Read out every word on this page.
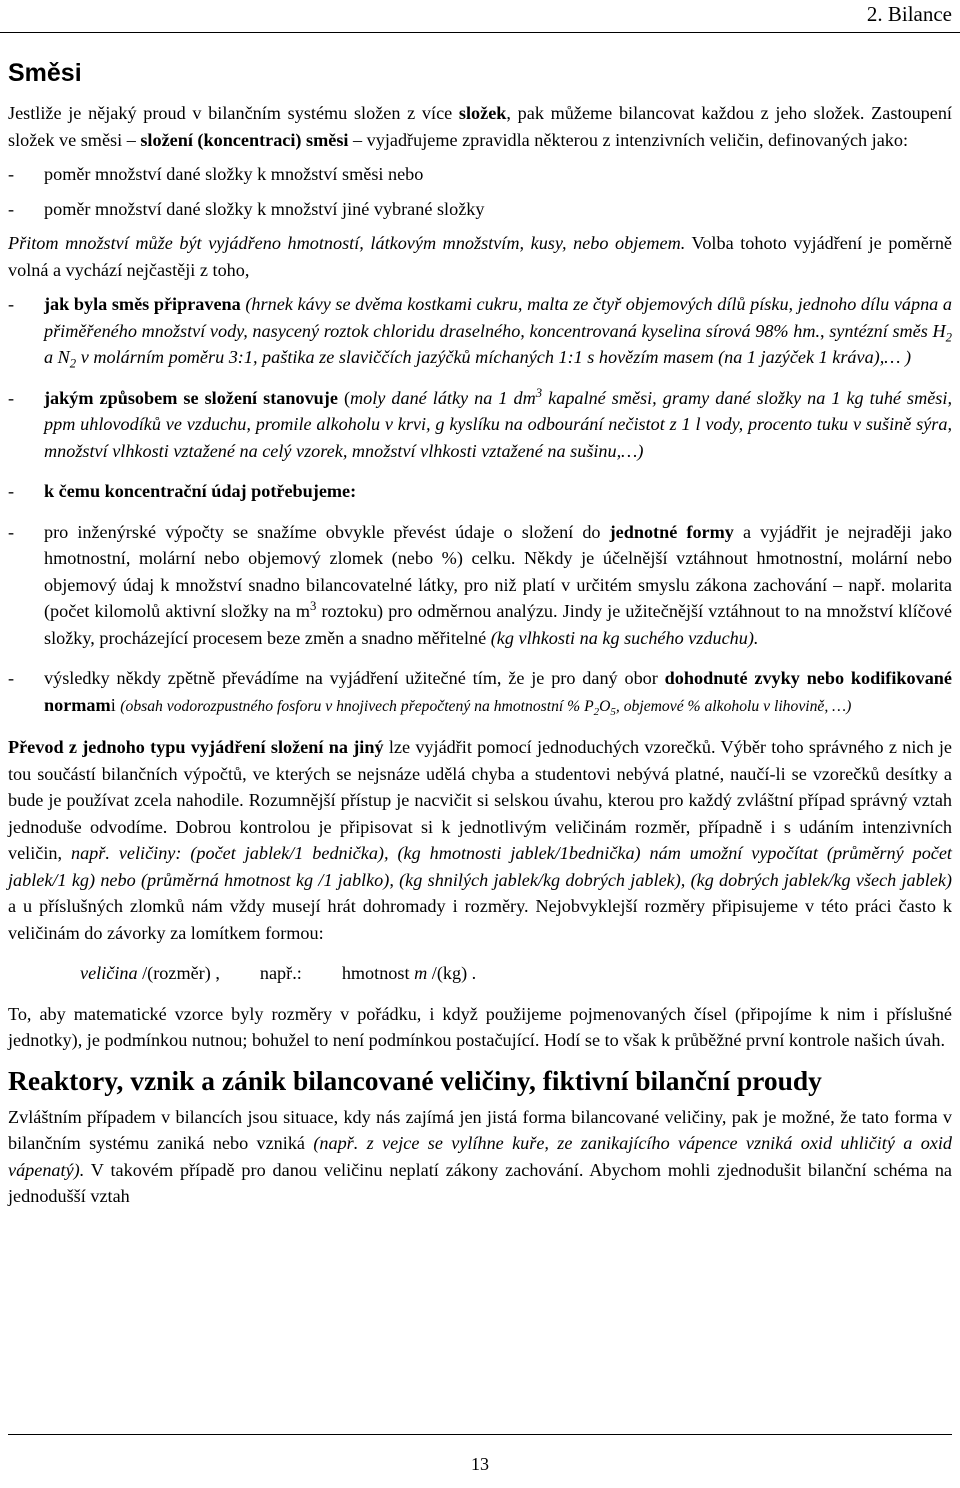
2. Bilance
Směsi

Jestliže je nějaký proud v bilančním systému složen z více složek, pak můžeme bilancovat každou z jeho složek. Zastoupení složek ve směsi – složení (koncentraci) směsi – vyjadřujeme zpravidla některou z intenzivních veličin, definovaných jako:

-	poměr množství dané složky k množství směsi nebo
-	poměr množství dané složky k množství jiné vybrané složky

Přitom množství může být vyjádřeno hmotností, látkovým množstvím, kusy, nebo objemem. Volba tohoto vyjádření je poměrně volná a vychází nejčastěji z toho,

-	jak byla směs připravena (hrnek kávy se dvěma kostkami cukru, malta ze čtyř objemových dílů písku, jednoho dílu vápna a přiměřeného množství vody, nasycený roztok chloridu draselného, koncentrovaná kyselina sírová 98% hm., syntézní směs $H_2$ a $N_2$ v molárním poměru 3:1, paštika ze slaviččích jazýčků míchaných 1:1 s hovězím masem (na 1 jazýček 1 kráva),… )
-	jakým způsobem se složení stanovuje (moly dané látky na 1 $dm^3$ kapalné směsi, gramy dané složky na 1 kg tuhé směsi, ppm uhlovodíků ve vzduchu, promile alkoholu v krvi, g kyslíku na odbourání nečistot z 1 l vody, procento tuku v sušině sýra, množství vlhkosti vztažené na celý vzorek, množství vlhkosti vztažené na sušinu,…)
-	k čemu koncentrační údaj potřebujeme:
-	pro inženýrské výpočty se snažíme obvykle převést údaje o složení do jednotné formy a vyjádřit je nejraději jako hmotnostní, molární nebo objemový zlomek (nebo %) celku. Někdy je účelnější vztáhnout hmotnostní, molární nebo objemový údaj k množství snadno bilancovatelné látky, pro niž platí v určitém smyslu zákona zachování – např. molarita (počet kilomolů aktivní složky na $m^3$ roztoku) pro odměrnou analýzu. Jindy je užitečnější vztáhnout to na množství klíčové složky, procházející procesem beze změn a snadno měřitelné (kg vlhkosti na kg suchého vzduchu).
-	výsledky někdy zpětně převádíme na vyjádření užitečné tím, že je pro daný obor dohodnuté zvyky nebo kodifikované normami (obsah vodorozpustného fosforu v hnojivech přepočtený na hmotnostní % $P_2O_5$, objemové % alkoholu v lihovině, …)

Převod z jednoho typu vyjádření složení na jiný lze vyjádřit pomocí jednoduchých vzorečků. Výběr toho správného z nich je tou součástí bilančních výpočtů, ve kterých se nejsnáze udělá chyba a studentovi nebývá platné, naučí-li se vzorečků desítky a bude je používat zcela nahodile. Rozumnější přístup je nacvičit si selskou úvahu, kterou pro každý zvláštní případ správný vztah jednoduše odvodíme. Dobrou kontrolou je připisovat si k jednotlivým veličinám rozměr, případně i s udáním intenzivních veličin, např. veličiny: (počet jablek/1 bednička), (kg hmotnosti jablek/1bednička) nám umožní vypočítat (průměrný počet jablek/1 kg) nebo (průměrná hmotnost kg /1 jablko), (kg shnilých jablek/kg dobrých jablek), (kg dobrých jablek/kg všech jablek) a u příslušných zlomků nám vždy musejí hrát dohromady i rozměry. Nejobvyklejší rozměry připisujeme v této práci často k veličinám do závorky za lomítkem formou:

veličina /(rozměr) , např.: hmotnost m /(kg) .

To, aby matematické vzorce byly rozměry v pořádku, i když použijeme pojmenovaných čísel (připojíme k nim i příslušné jednotky), je podmínkou nutnou; bohužel to není podmínkou postačující. Hodí se to však k průběžné první kontrole našich úvah.

Reaktory, vznik a zánik bilancované veličiny, fiktivní bilanční proudy

Zvláštním případem v bilancích jsou situace, kdy nás zajímá jen jistá forma bilancované veličiny, pak je možné, že tato forma v bilančním systému zaniká nebo vzniká (např. z vejce se vylíhne kuře, ze zanikajícího vápence vzniká oxid uhličitý a oxid vápenatý). V takovém případě pro danou veličinu neplatí zákony zachování. Abychom mohli zjednodušit bilanční schéma na jednodušší vztah

13
